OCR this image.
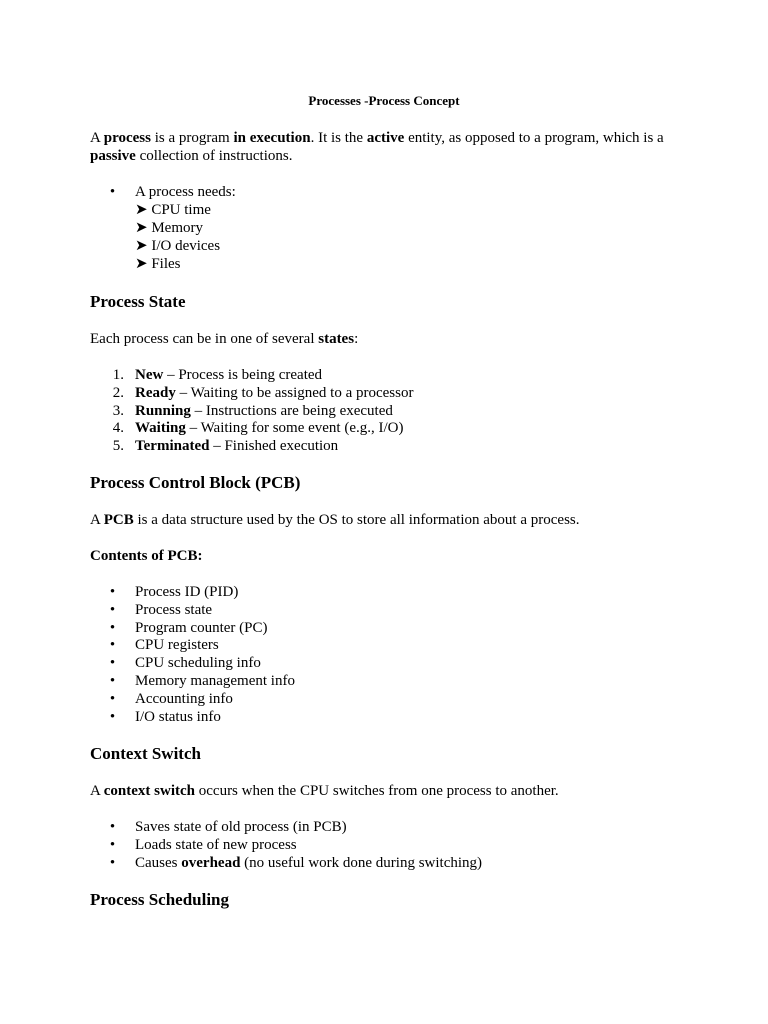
Processes -Process Concept

A process is a program in execution. It is the active entity, as opposed to a program, which is a

passive collection of instructions.

•	A process needs:
➤ CPU time
➤ Memory
➤ I/O devices
➤ Files

Process State

Each process can be in one of several states:

1. New – Process is being created
2. Ready – Waiting to be assigned to a processor
3. Running – Instructions are being executed
4. Waiting – Waiting for some event (e.g., I/O)
5. Terminated – Finished execution

Process Control Block (PCB)

A PCB is a data structure used by the OS to store all information about a process.

Contents of PCB:

•	Process ID (PID)
•	Process state
•	Program counter (PC)
•	CPU registers
•	CPU scheduling info
•	Memory management info
•	Accounting info
•	I/O status info

Context Switch

A context switch occurs when the CPU switches from one process to another.

•	Saves state of old process (in PCB)
•	Loads state of new process
•	Causes overhead (no useful work done during switching)

Process Scheduling
